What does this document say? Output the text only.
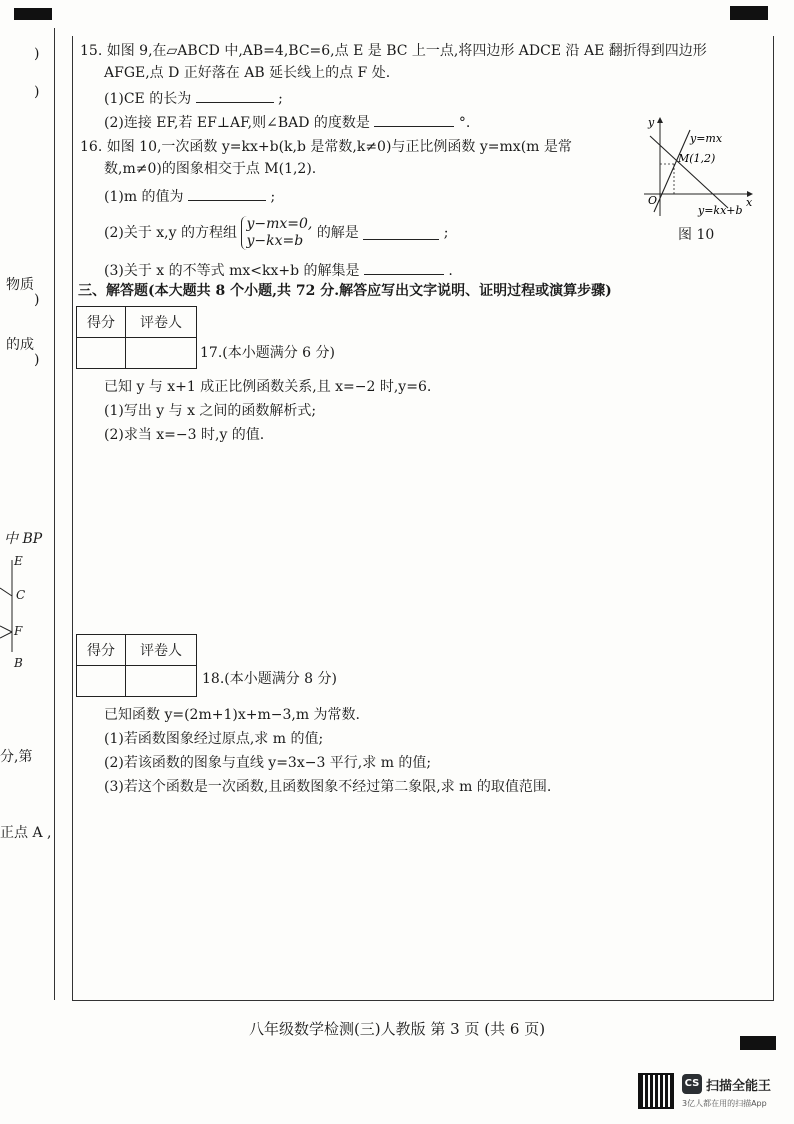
)
)
物质
)
的成
)
中 BP
E
C
F
B
分,第
正点 A ,
15. 如图 9,在▱ABCD 中,AB=4,BC=6,点 E 是 BC 上一点,将四边形 ADCE 沿 AE 翻折得到四边形
AFGE,点 D 正好落在 AB 延长线上的点 F 处.
(1)CE 的长为	;
(2)连接 EF,若 EF⊥AF,则∠BAD 的度数是	°.
16. 如图 10,一次函数 y=kx+b(k,b 是常数,k≠0)与正比例函数 y=mx(m 是常
数,m≠0)的图象相交于点 M(1,2).
(1)m 的值为	;
(2)关于 x,y 的方程组 y−mx=0,
y−kx=b 的解是	;
(3)关于 x 的不等式 mx<kx+b 的解集是	.
y
x
O
y=mx
M(1,2)
y=kx+b
图 10
三、解答题(本大题共 8 个小题,共 72 分.解答应写出文字说明、证明过程或演算步骤)
得分	评卷人

17.(本小题满分 6 分)
已知 y 与 x+1 成正比例函数关系,且 x=−2 时,y=6.
(1)写出 y 与 x 之间的函数解析式;
(2)求当 x=−3 时,y 的值.
得分	评卷人

18.(本小题满分 8 分)
已知函数 y=(2m+1)x+m−3,m 为常数.
(1)若函数图象经过原点,求 m 的值;
(2)若该函数的图象与直线 y=3x−3 平行,求 m 的值;
(3)若这个函数是一次函数,且函数图象不经过第二象限,求 m 的取值范围.
八年级数学检测(三)人教版 第 3 页 (共 6 页)
CS 扫描全能王
3亿人都在用的扫描App
